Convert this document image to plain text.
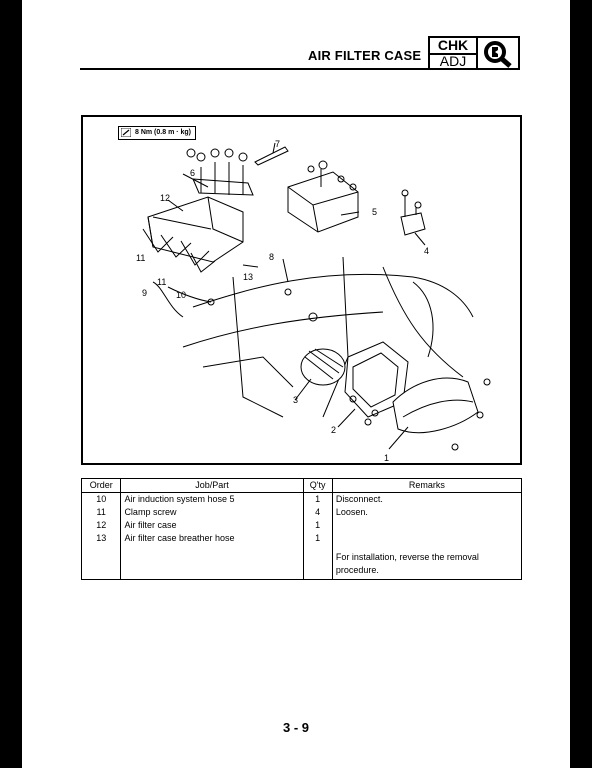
AIR FILTER CASE
CHK
ADJ
8 Nm (0.8 m · kg)
1
2
3
4
5
6
7
8
9	10
11
11
12
13
Order	Job/Part	Q'ty	Remarks
10	Air induction system hose 5	1	Disconnect.
11	Clamp screw	4	Loosen.
12	Air filter case	1	
13	Air filter case breather hose	1	

			For installation, reverse the removal
procedure.
3 - 9
